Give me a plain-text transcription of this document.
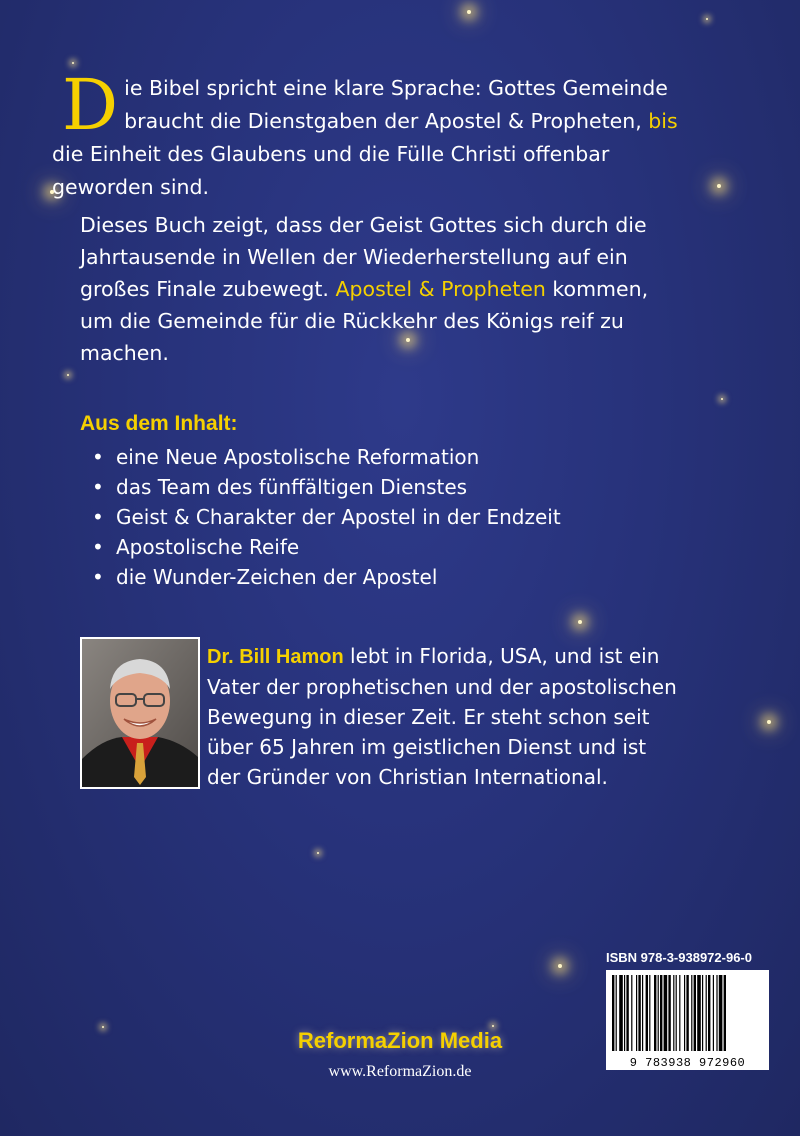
D ie Bibel spricht eine klare Sprache: Gottes Gemeinde

braucht die Dienstgaben der Apostel & Propheten, bis

die Einheit des Glaubens und die Fülle Christi offenbar

geworden sind.

Dieses Buch zeigt, dass der Geist Gottes sich durch die

Jahrtausende in Wellen der Wiederherstellung auf ein

großes Finale zubewegt. Apostel & Propheten kommen,

um die Gemeinde für die Rückkehr des Königs reif zu

machen.

Aus dem Inhalt:
• eine Neue Apostolische Reformation
• das Team des fünffältigen Dienstes
• Geist & Charakter der Apostel in der Endzeit
• Apostolische Reife
• die Wunder-Zeichen der Apostel

Dr. Bill Hamon lebt in Florida, USA, und ist ein

Vater der prophetischen und der apostolischen

Bewegung in dieser Zeit. Er steht schon seit

über 65 Jahren im geistlichen Dienst und ist

der Gründer von Christian International.

ISBN 978-3-938972-96-0
9 783938 972960
ReformaZion Media
www.ReformaZion.de
